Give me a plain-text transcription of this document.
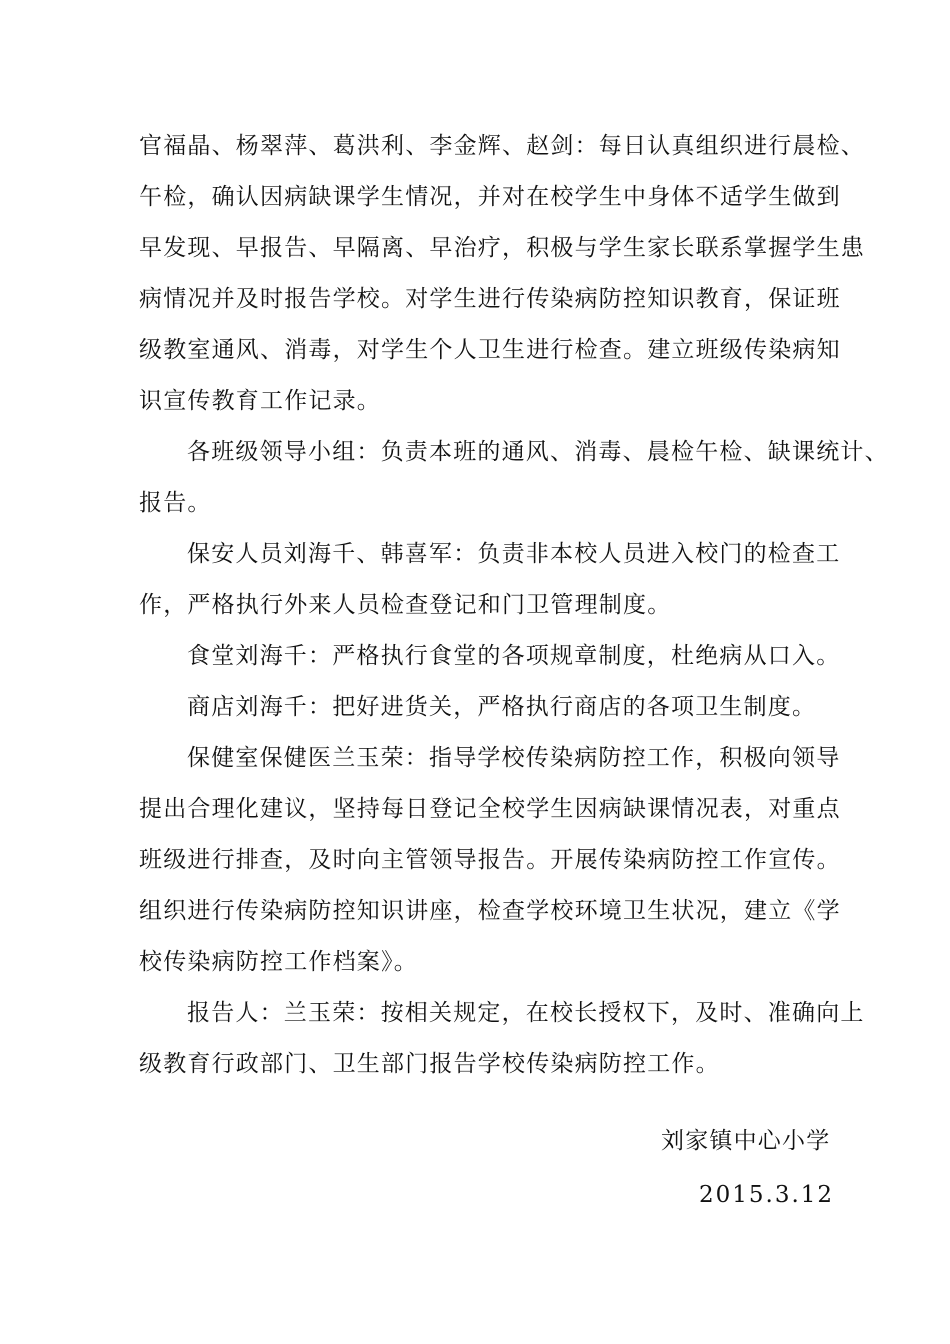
官福晶、杨翠萍、葛洪利、李金辉、赵剑：每日认真组织进行晨检、
午检，确认因病缺课学生情况，并对在校学生中身体不适学生做到
早发现、早报告、早隔离、早治疗，积极与学生家长联系掌握学生患
病情况并及时报告学校。对学生进行传染病防控知识教育，保证班
级教室通风、消毒，对学生个人卫生进行检查。建立班级传染病知
识宣传教育工作记录。
各班级领导小组：负责本班的通风、消毒、晨检午检、缺课统计、
报告。
保安人员刘海千、韩喜军：负责非本校人员进入校门的检查工
作，严格执行外来人员检查登记和门卫管理制度。
食堂刘海千：严格执行食堂的各项规章制度，杜绝病从口入。
商店刘海千：把好进货关，严格执行商店的各项卫生制度。
保健室保健医兰玉荣：指导学校传染病防控工作，积极向领导
提出合理化建议，坚持每日登记全校学生因病缺课情况表，对重点
班级进行排查，及时向主管领导报告。开展传染病防控工作宣传。
组织进行传染病防控知识讲座，检查学校环境卫生状况，建立《学
校传染病防控工作档案》。
报告人：兰玉荣：按相关规定，在校长授权下，及时、准确向上
级教育行政部门、卫生部门报告学校传染病防控工作。
刘家镇中心小学
2015.3.12
